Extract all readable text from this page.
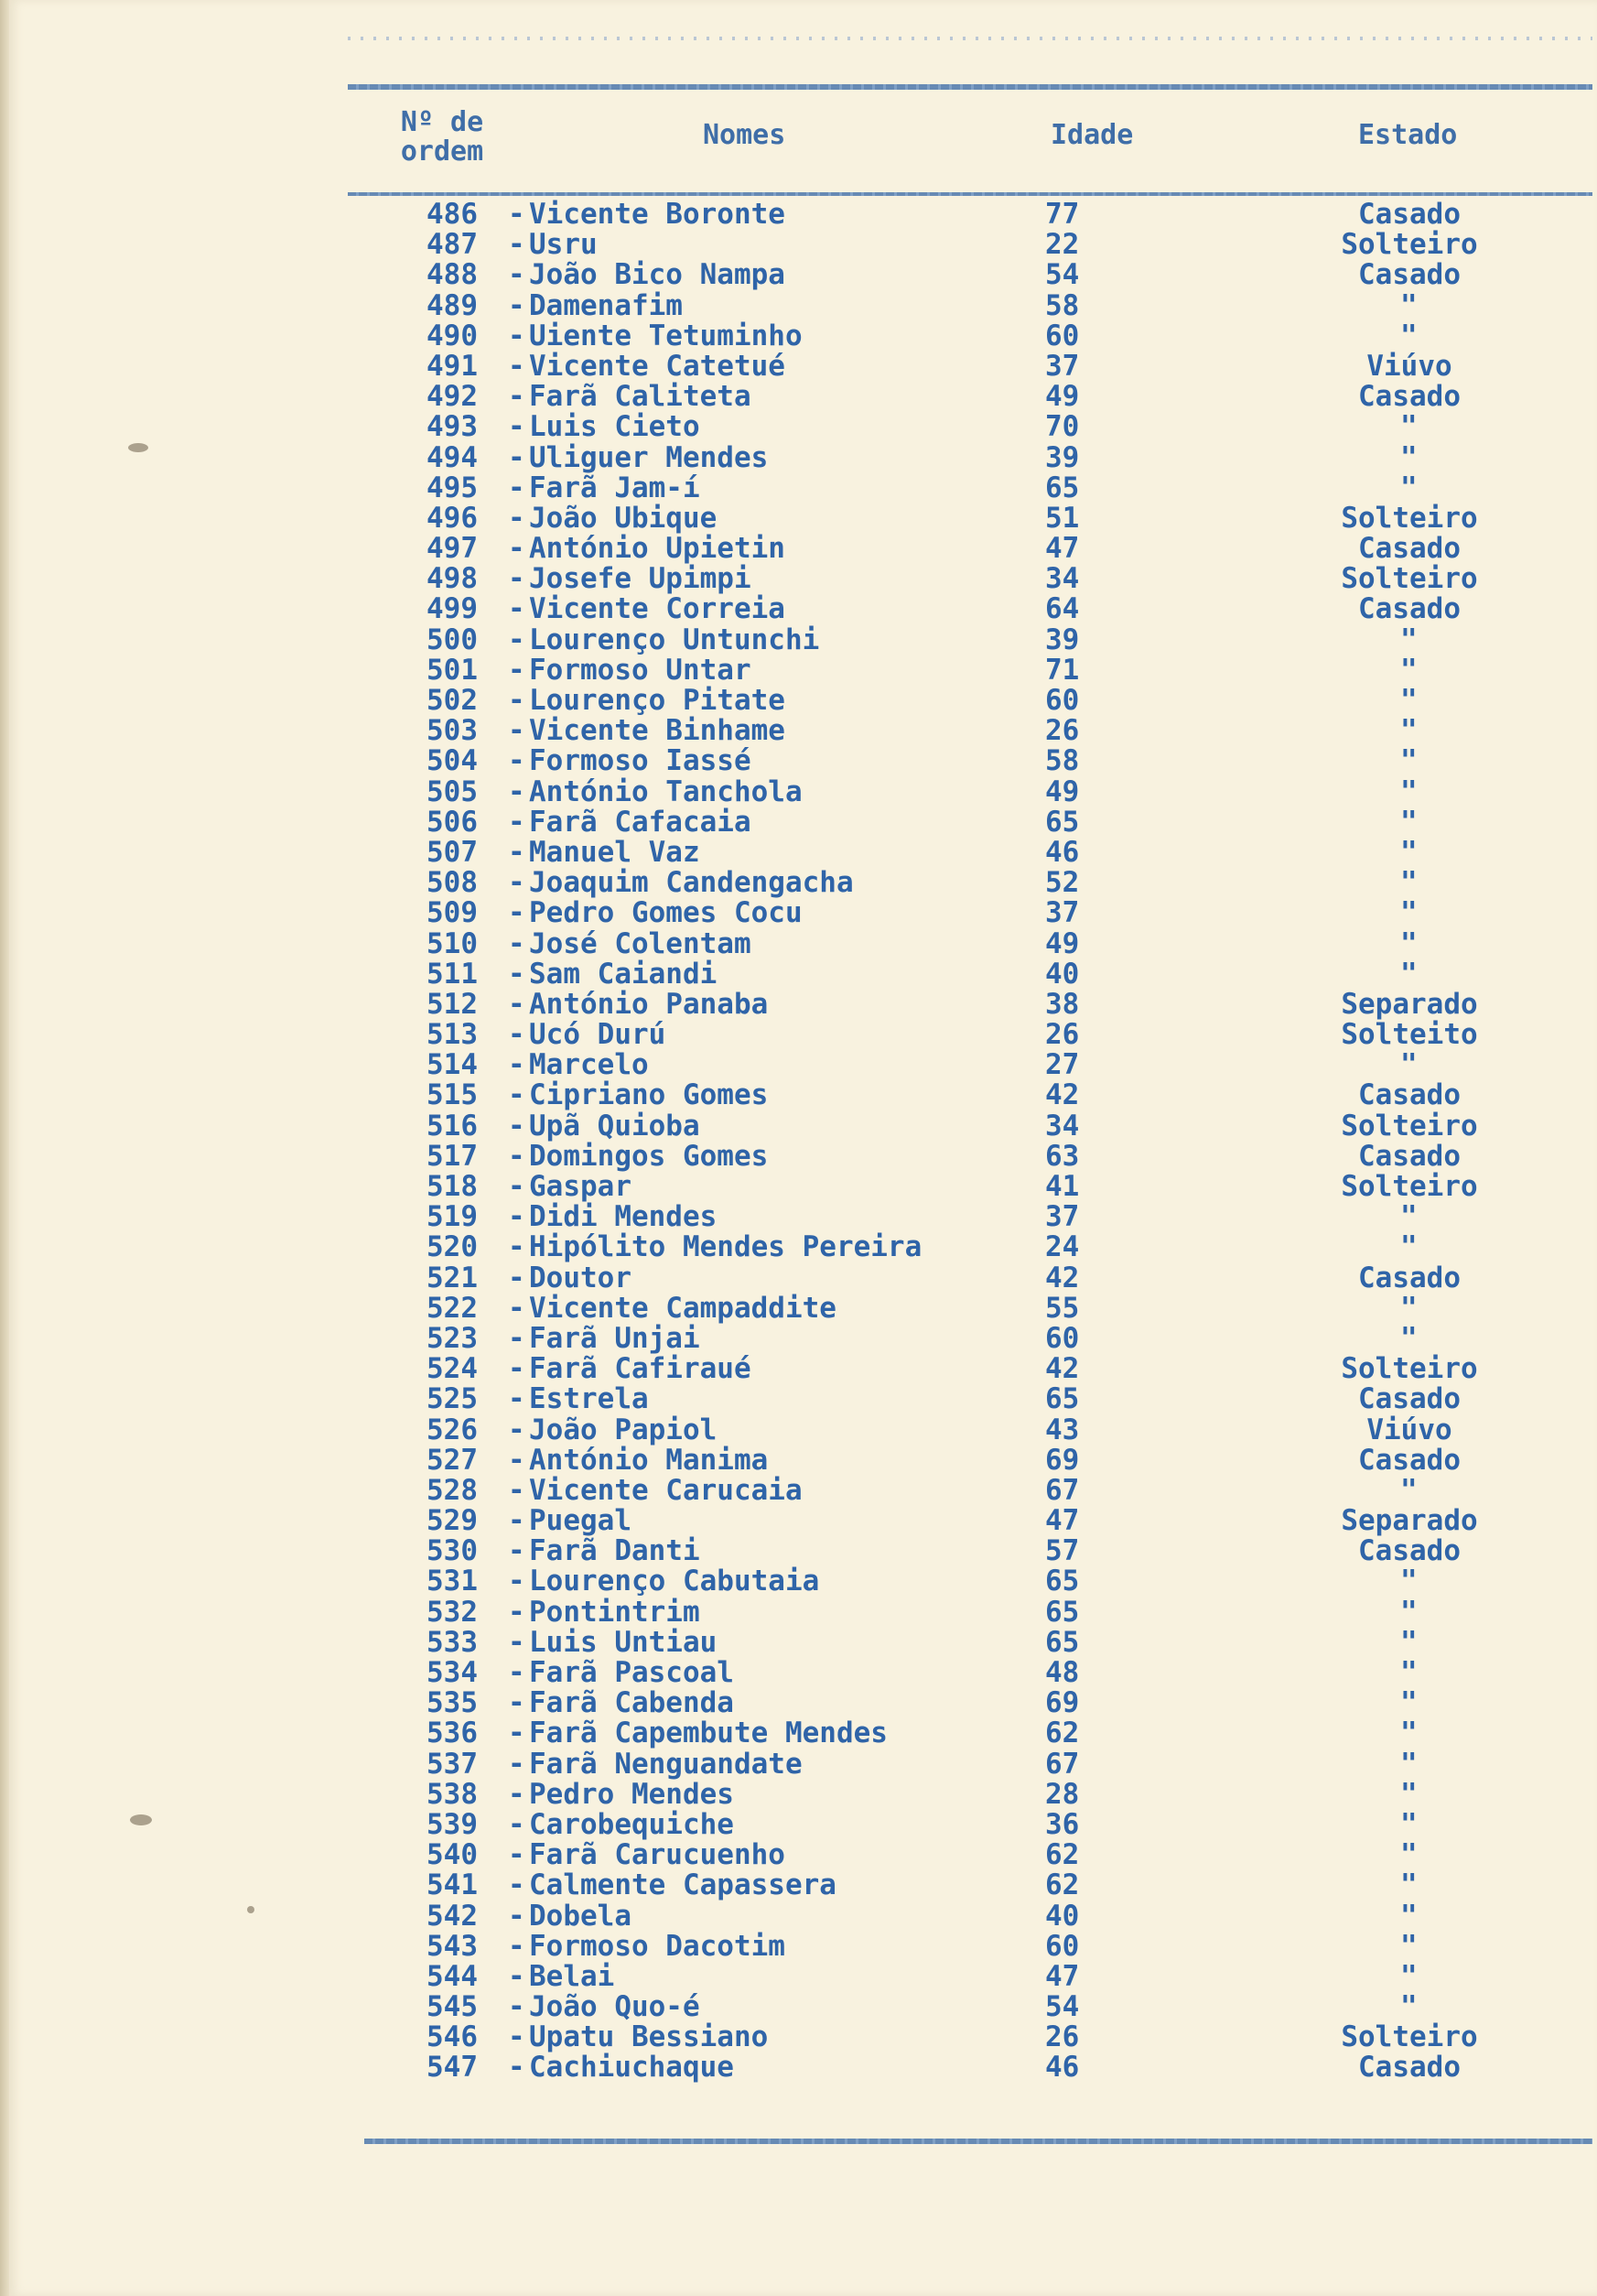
Nº de
ordem
Nomes	Idade	Estado
486	- Vicente Boronte	77	Casado
487	- Usru	22	Solteiro
488	- João Bico Nampa	54	Casado
489	- Damenafim	58	"
490	- Uiente Tetuminho	60	"
491	- Vicente Catetué	37	Viúvo
492	- Farã Caliteta	49	Casado
493	- Luis Cieto	70	"
494	- Uliguer Mendes	39	"
495	- Farã Jam-í	65	"
496	- João Ubique	51	Solteiro
497	- António Upietin	47	Casado
498	- Josefe Upimpi	34	Solteiro
499	- Vicente Correia	64	Casado
500	- Lourenço Untunchi	39	"
501	- Formoso Untar	71	"
502	- Lourenço Pitate	60	"
503	- Vicente Binhame	26	"
504	- Formoso Iassé	58	"
505	- António Tanchola	49	"
506	- Farã Cafacaia	65	"
507	- Manuel Vaz	46	"
508	- Joaquim Candengacha	52	"
509	- Pedro Gomes Cocu	37	"
510	- José Colentam	49	"
511	- Sam Caiandi	40	"
512	- António Panaba	38	Separado
513	- Ucó Durú	26	Solteito
514	- Marcelo	27	"
515	- Cipriano Gomes	42	Casado
516	- Upã Quioba	34	Solteiro
517	- Domingos Gomes	63	Casado
518	- Gaspar	41	Solteiro
519	- Didi Mendes	37	"
520	- Hipólito Mendes Pereira	24	"
521	- Doutor	42	Casado
522	- Vicente Campaddite	55	"
523	- Farã Unjai	60	"
524	- Farã Cafiraué	42	Solteiro
525	- Estrela	65	Casado
526	- João Papiol	43	Viúvo
527	- António Manima	69	Casado
528	- Vicente Carucaia	67	"
529	- Puegal	47	Separado
530	- Farã Danti	57	Casado
531	- Lourenço Cabutaia	65	"
532	- Pontintrim	65	"
533	- Luis Untiau	65	"
534	- Farã Pascoal	48	"
535	- Farã Cabenda	69	"
536	- Farã Capembute Mendes	62	"
537	- Farã Nenguandate	67	"
538	- Pedro Mendes	28	"
539	- Carobequiche	36	"
540	- Farã Carucuenho	62	"
541	- Calmente Capassera	62	"
542	- Dobela	40	"
543	- Formoso Dacotim	60	"
544	- Belai	47	"
545	- João Quo-é	54	"
546	- Upatu Bessiano	26	Solteiro
547	- Cachiuchaque	46	Casado
